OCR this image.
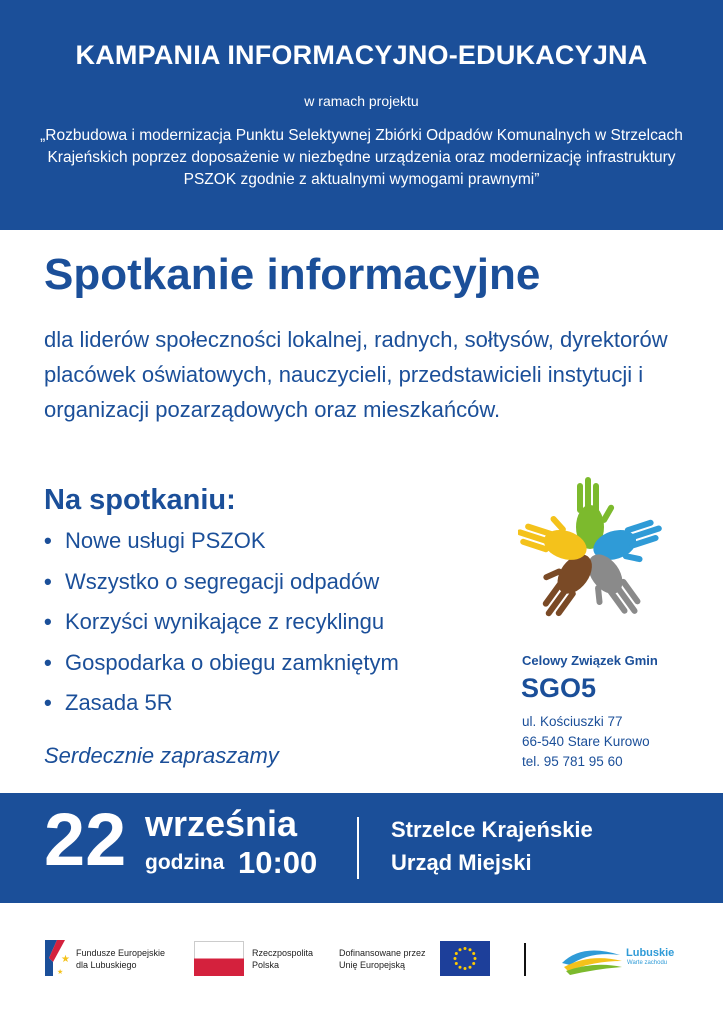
KAMPANIA INFORMACYJNO-EDUKACYJNA
w ramach projektu
„Rozbudowa i modernizacja Punktu Selektywnej Zbiórki Odpadów Komunalnych w Strzelcach Krajeńskich poprzez doposażenie w niezbędne urządzenia oraz modernizację infrastruktury PSZOK zgodnie z aktualnymi wymogami prawnymi”
Spotkanie informacyjne
dla liderów społeczności lokalnej, radnych, sołtysów, dyrektorów placówek oświatowych, nauczycieli, przedstawicieli instytucji i organizacji pozarządowych oraz mieszkańców.
Na spotkaniu:
• Nowe usługi PSZOK
• Wszystko o segregacji odpadów
• Korzyści wynikające z recyklingu
• Gospodarka o obiegu zamkniętym
• Zasada 5R
Serdecznie zapraszamy
Celowy Związek Gmin
SGO5
ul. Kościuszki 77
66-540 Stare Kurowo
tel. 95 781 95 60
22 września
godzina 10:00
Strzelce Krajeńskie
Urząd Miejski
★
★
Fundusze Europejskie
dla Lubuskiego
Rzeczpospolita
Polska
Dofinansowane przez
Unię Europejską
Lubuskie
Warte zachodu
